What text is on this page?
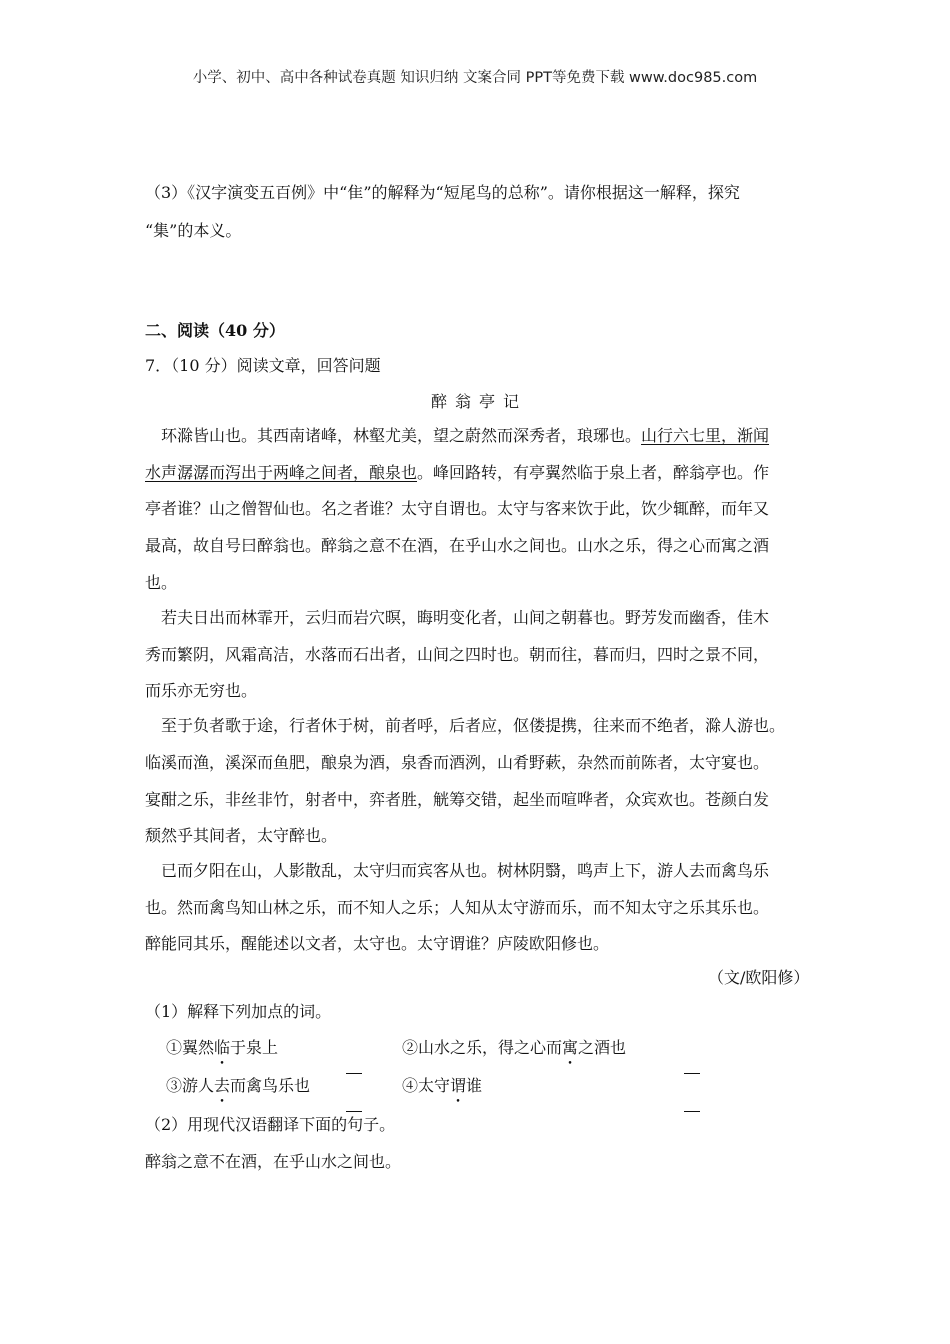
小学、初中、高中各种试卷真题 知识归纳 文案合同 PPT等免费下载 www.doc985.com
（3）《汉字演变五百例》中“隹”的解释为“短尾鸟的总称”。请你根据这一解释，探究
“集”的本义。
二、阅读（40 分）
7．（10 分）阅读文章，回答问题
醉翁亭记
环滁皆山也。其西南诸峰，林壑尤美，望之蔚然而深秀者，琅琊也。山行六七里，渐闻
水声潺潺而泻出于两峰之间者，酿泉也。峰回路转，有亭翼然临于泉上者，醉翁亭也。作
亭者谁？山之僧智仙也。名之者谁？太守自谓也。太守与客来饮于此，饮少辄醉，而年又
最高，故自号曰醉翁也。醉翁之意不在酒，在乎山水之间也。山水之乐，得之心而寓之酒
也。
若夫日出而林霏开，云归而岩穴暝，晦明变化者，山间之朝暮也。野芳发而幽香，佳木
秀而繁阴，风霜高洁，水落而石出者，山间之四时也。朝而往，暮而归，四时之景不同，
而乐亦无穷也。
至于负者歌于途，行者休于树，前者呼，后者应，伛偻提携，往来而不绝者，滁人游也。
临溪而渔，溪深而鱼肥，酿泉为酒，泉香而酒洌，山肴野蔌，杂然而前陈者，太守宴也。
宴酣之乐，非丝非竹，射者中，弈者胜，觥筹交错，起坐而喧哗者，众宾欢也。苍颜白发
颓然乎其间者，太守醉也。
已而夕阳在山，人影散乱，太守归而宾客从也。树林阴翳，鸣声上下，游人去而禽鸟乐
也。然而禽鸟知山林之乐，而不知人之乐；人知从太守游而乐，而不知太守之乐其乐也。
醉能同其乐，醒能述以文者，太守也。太守谓谁？庐陵欧阳修也。
（文/欧阳修）
（1）解释下列加点的词。
①翼然临于泉上	②山水之乐，得之心而寓之酒也
③游人去而禽鸟乐也	④太守谓谁
（2）用现代汉语翻译下面的句子。
醉翁之意不在酒，在乎山水之间也。
